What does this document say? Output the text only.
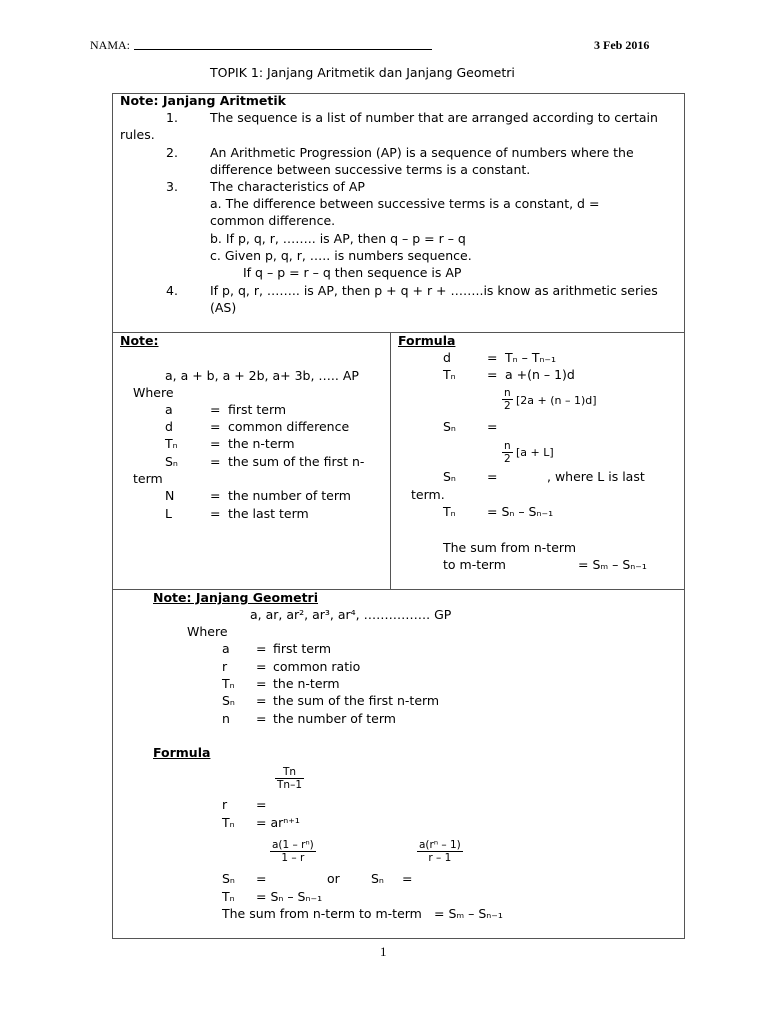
NAMA:	3 Feb 2016
TOPIK 1: Janjang Aritmetik dan Janjang Geometri
Note: Janjang Aritmetik
1.	The sequence is a list of number that are arranged according to certain
rules.
2.	An Arithmetic Progression (AP) is a sequence of numbers where the
difference between successive terms is a constant.
3.	The characteristics of AP
a. The difference between successive terms is a constant, d =
common difference.
b. If p, q, r, …….. is AP, then q – p = r – q
c. Given p, q, r, ….. is numbers sequence.
If q – p = r – q then sequence is AP
4.	If p, q, r, …….. is AP, then p + q + r + ……..is know as arithmetic series
(AS)
Note:
a, a + b, a + 2b, a+ 3b, ….. AP
Where
a	= first term
d	= common difference
Tₙ	= the n-term
Sₙ	= the sum of the first n-
term
N	= the number of term
L	= the last term
Formula
d	= Tₙ – Tₙ₋₁
Tₙ	= a +(n – 1)d
$\frac{n}{2} [2a + (n - 1)d]$
Sₙ =
$\frac{n}{2} [a + L]$
Sₙ =	, where L is last
term.
Tₙ	= Sₙ – Sₙ₋₁
The sum from n-term
to m-term	= Sₘ – Sₙ₋₁
Note: Janjang Geometri
a, ar, ar², ar³, ar⁴, ……………. GP
Where
a = first term
r = common ratio
Tₙ = the n-term
Sₙ = the sum of the first n-term
n = the number of term
Formula
$\frac{Tn}{Tn-1}$
r =
Tₙ = arⁿ⁺¹
$\frac{\text{a(1 – rⁿ)}}{1 - r}$	$\frac{\text{a(rⁿ – 1)}}{r - 1}$
Sₙ =	or Sₙ =
Tₙ = Sₙ – Sₙ₋₁
The sum from n-term to m-term = Sₘ – Sₙ₋₁
1
